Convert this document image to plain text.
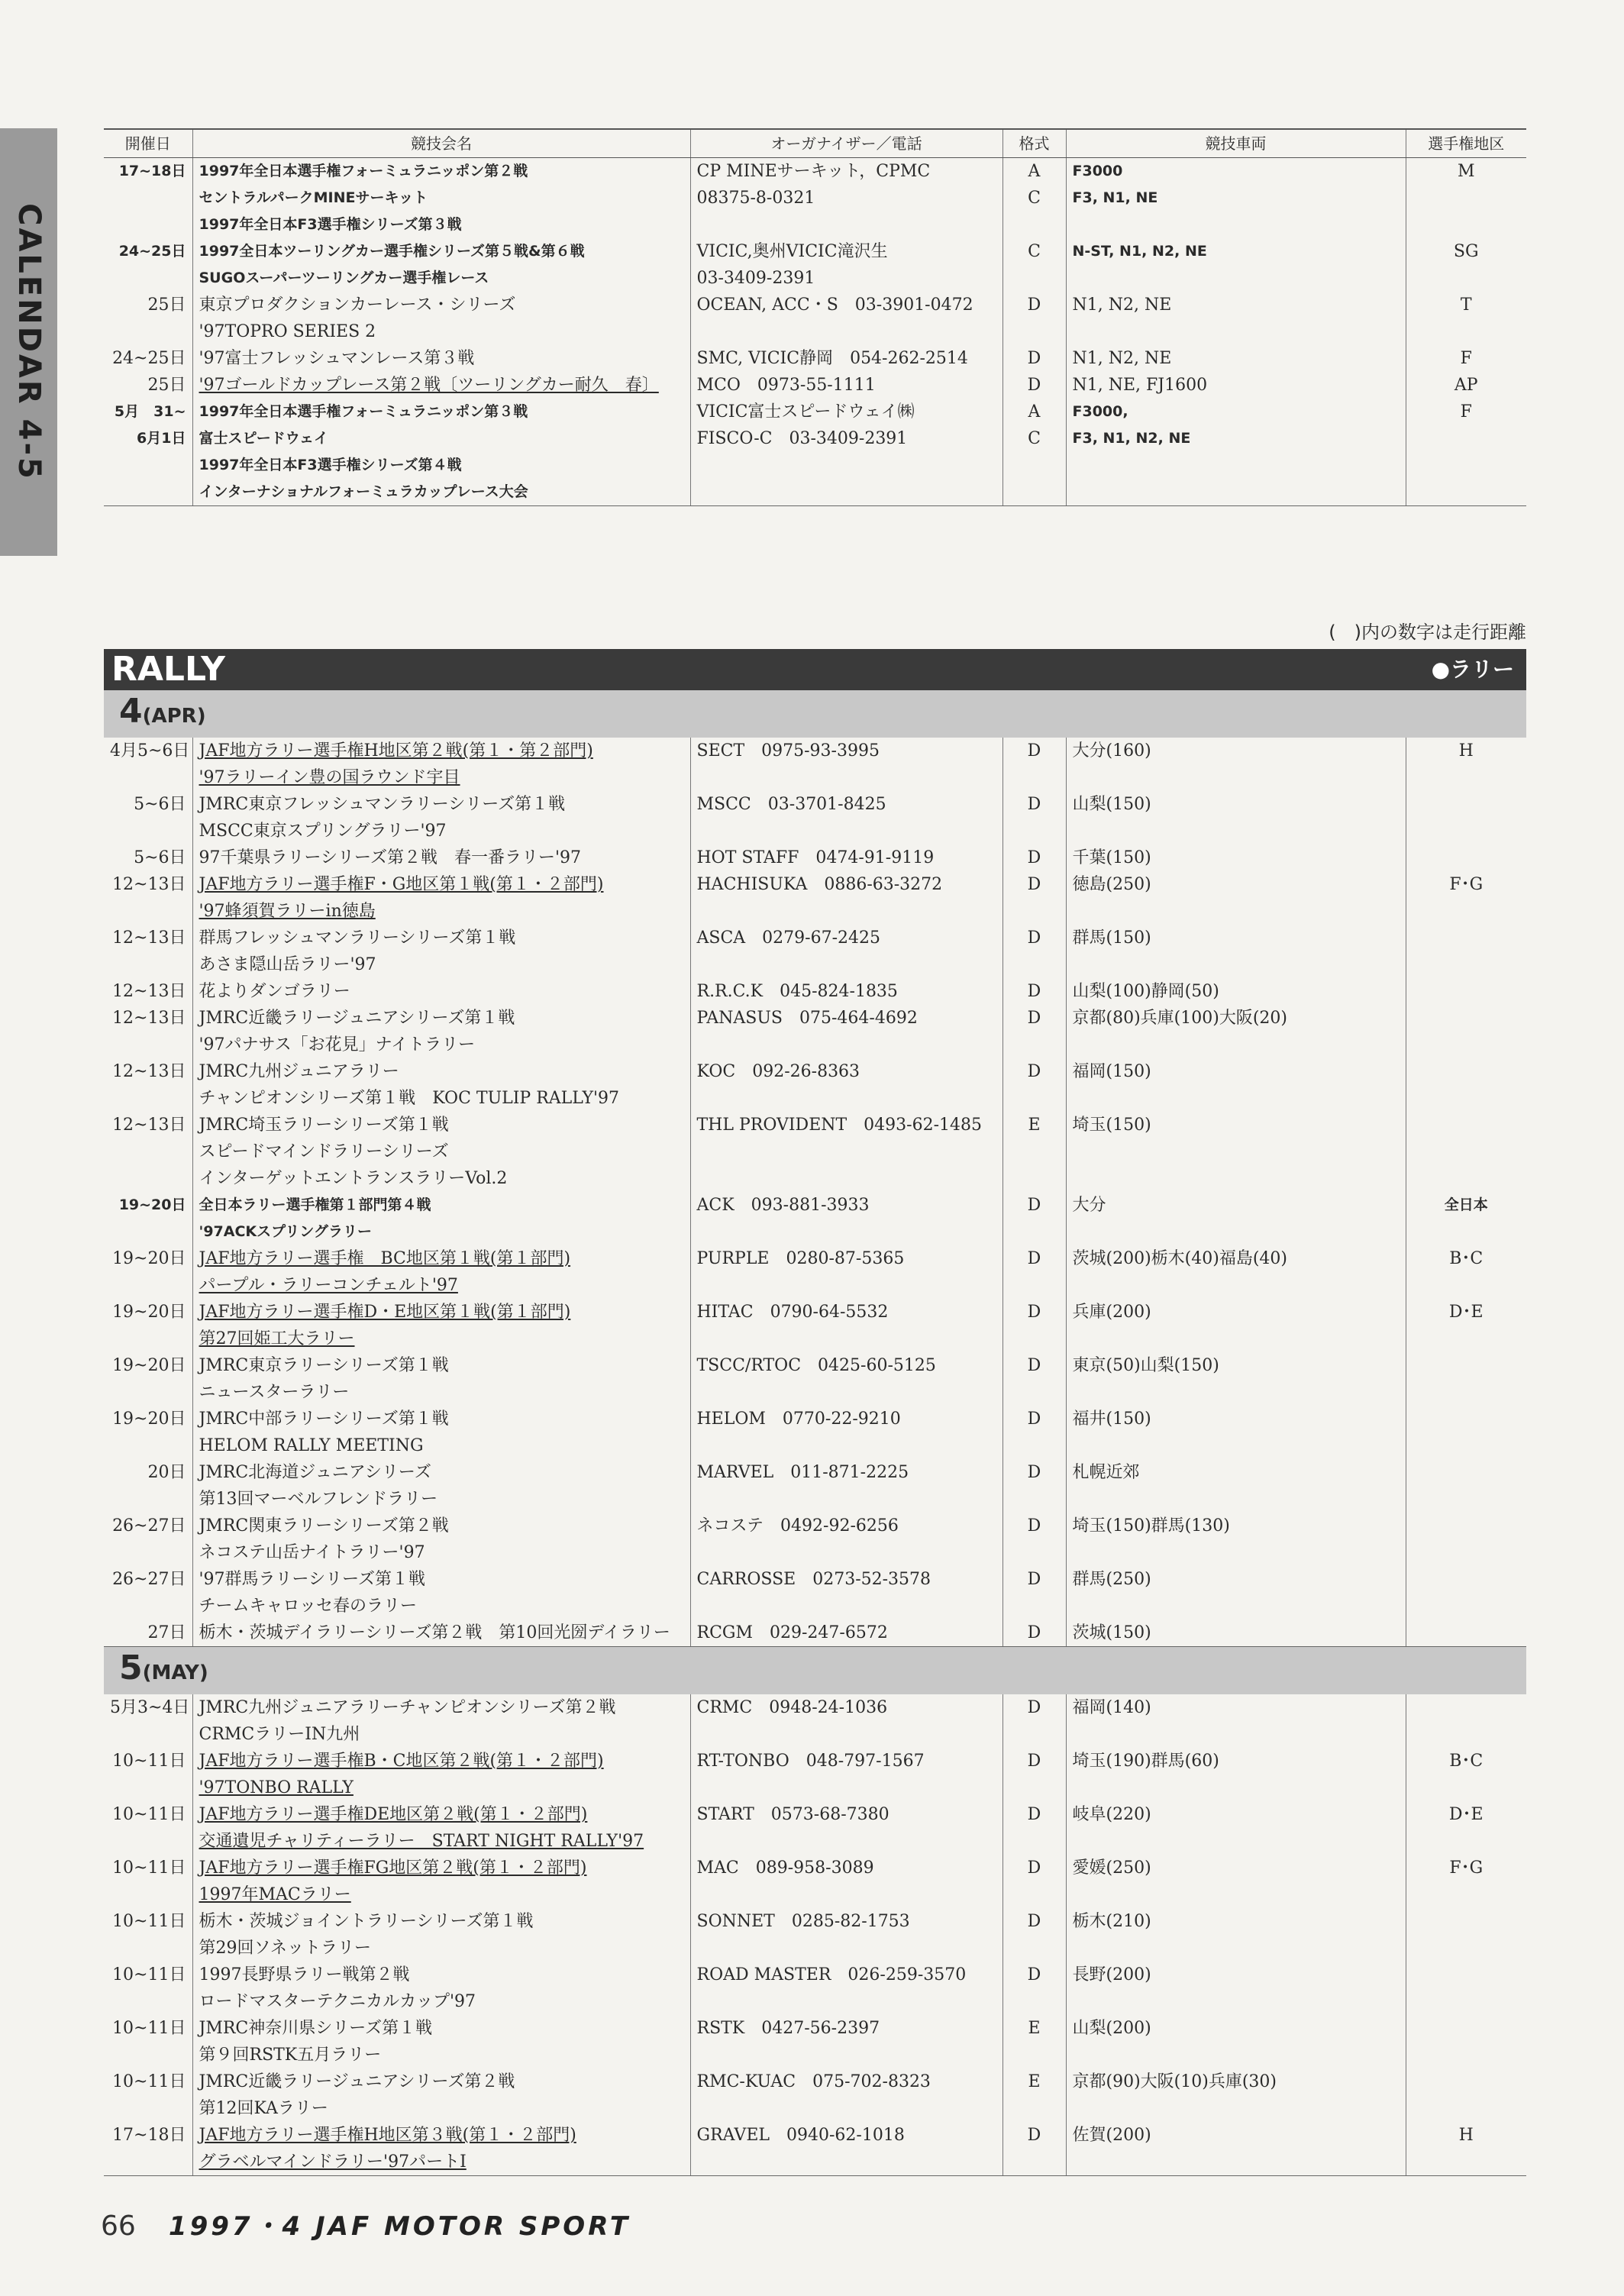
CALENDAR 4-5
開催日	競技会名	オーガナイザー／電話	格式	競技車両	選手権地区
17~18日	1997年全日本選手権フォーミュラニッポン第２戦	CP MINEサーキット，CPMC	A	F3000	M
	セントラルパークMINEサーキット	08375-8-0321	C	F3, N1, NE	
	1997年全日本F3選手権シリーズ第３戦				
24~25日	1997全日本ツーリングカー選手権シリーズ第５戦&第６戦	VICIC,奥州VICIC滝沢生	C	N-ST, N1, N2, NE	SG
	SUGOスーパーツーリングカー選手権レース	03-3409-2391			
25日	東京プロダクションカーレース・シリーズ	OCEAN, ACC・S　03-3901-0472	D	N1, N2, NE	T
	'97TOPRO SERIES 2				
24~25日	'97富士フレッシュマンレース第３戦	SMC, VICIC静岡　054-262-2514	D	N1, N2, NE	F
25日	'97ゴールドカップレース第２戦〔ツーリングカー耐久　春〕	MCO　0973-55-1111	D	N1, NE, FJ1600	AP
5月　31~	1997年全日本選手権フォーミュラニッポン第３戦	VICIC富士スピードウェイ㈱	A	F3000,	F
6月1日	富士スピードウェイ	FISCO-C　03-3409-2391	C	F3, N1, N2, NE	
	1997年全日本F3選手権シリーズ第４戦				
	インターナショナルフォーミュラカップレース大会				
(　)内の数字は走行距離
RALLY	●ラリー
4(APR)
4月5~6日	JAF地方ラリー選手権H地区第２戦(第１・第２部門)	SECT　0975-93-3995	D	大分(160)	H
	'97ラリーイン豊の国ラウンド宇目				
5~6日	JMRC東京フレッシュマンラリーシリーズ第１戦	MSCC　03-3701-8425	D	山梨(150)	
	MSCC東京スプリングラリー'97				
5~6日	97千葉県ラリーシリーズ第２戦　春一番ラリー'97	HOT STAFF　0474-91-9119	D	千葉(150)	
12~13日	JAF地方ラリー選手権F・G地区第１戦(第１・２部門)	HACHISUKA　0886-63-3272	D	徳島(250)	F･G
	'97蜂須賀ラリーin徳島				
12~13日	群馬フレッシュマンラリーシリーズ第１戦	ASCA　0279-67-2425	D	群馬(150)	
	あさま隠山岳ラリー'97				
12~13日	花よりダンゴラリー	R.R.C.K　045-824-1835	D	山梨(100)静岡(50)	
12~13日	JMRC近畿ラリージュニアシリーズ第１戦	PANASUS　075-464-4692	D	京都(80)兵庫(100)大阪(20)	
	'97パナサス「お花見」ナイトラリー				
12~13日	JMRC九州ジュニアラリー	KOC　092-26-8363	D	福岡(150)	
	チャンピオンシリーズ第１戦　KOC TULIP RALLY'97				
12~13日	JMRC埼玉ラリーシリーズ第１戦	THL PROVIDENT　0493-62-1485	E	埼玉(150)	
	スピードマインドラリーシリーズ				
	インターゲットエントランスラリーVol.2				
19~20日	全日本ラリー選手権第１部門第４戦	ACK　093-881-3933	D	大分	全日本
	'97ACKスプリングラリー				
19~20日	JAF地方ラリー選手権　BC地区第１戦(第１部門)	PURPLE　0280-87-5365	D	茨城(200)栃木(40)福島(40)	B･C
	パープル・ラリーコンチェルト'97				
19~20日	JAF地方ラリー選手権D・E地区第１戦(第１部門)	HITAC　0790-64-5532	D	兵庫(200)	D･E
	第27回姫工大ラリー				
19~20日	JMRC東京ラリーシリーズ第１戦	TSCC/RTOC　0425-60-5125	D	東京(50)山梨(150)	
	ニュースターラリー				
19~20日	JMRC中部ラリーシリーズ第１戦	HELOM　0770-22-9210	D	福井(150)	
	HELOM RALLY MEETING				
20日	JMRC北海道ジュニアシリーズ	MARVEL　011-871-2225	D	札幌近郊	
	第13回マーベルフレンドラリー				
26~27日	JMRC関東ラリーシリーズ第２戦	ネコステ　0492-92-6256	D	埼玉(150)群馬(130)	
	ネコステ山岳ナイトラリー'97				
26~27日	'97群馬ラリーシリーズ第１戦	CARROSSE　0273-52-3578	D	群馬(250)	
	チームキャロッセ春のラリー				
27日	栃木・茨城デイラリーシリーズ第２戦　第10回光圀デイラリー	RCGM　029-247-6572	D	茨城(150)	
5(MAY)
5月3~4日	JMRC九州ジュニアラリーチャンピオンシリーズ第２戦	CRMC　0948-24-1036	D	福岡(140)	
	CRMCラリーIN九州				
10~11日	JAF地方ラリー選手権B・C地区第２戦(第１・２部門)	RT-TONBO　048-797-1567	D	埼玉(190)群馬(60)	B･C
	'97TONBO RALLY				
10~11日	JAF地方ラリー選手権DE地区第２戦(第１・２部門)	START　0573-68-7380	D	岐阜(220)	D･E
	交通遺児チャリティーラリー　START NIGHT RALLY'97				
10~11日	JAF地方ラリー選手権FG地区第２戦(第１・２部門)	MAC　089-958-3089	D	愛媛(250)	F･G
	1997年MACラリー				
10~11日	栃木・茨城ジョイントラリーシリーズ第１戦	SONNET　0285-82-1753	D	栃木(210)	
	第29回ソネットラリー				
10~11日	1997長野県ラリー戦第２戦	ROAD MASTER　026-259-3570	D	長野(200)	
	ロードマスターテクニカルカップ'97				
10~11日	JMRC神奈川県シリーズ第１戦	RSTK　0427-56-2397	E	山梨(200)	
	第９回RSTK五月ラリー				
10~11日	JMRC近畿ラリージュニアシリーズ第２戦	RMC-KUAC　075-702-8323	E	京都(90)大阪(10)兵庫(30)	
	第12回KAラリー				
17~18日	JAF地方ラリー選手権H地区第３戦(第１・２部門)	GRAVEL　0940-62-1018	D	佐賀(200)	H
	グラベルマインドラリー'97パートⅠ				
66 1997・4 JAF MOTOR SPORT
